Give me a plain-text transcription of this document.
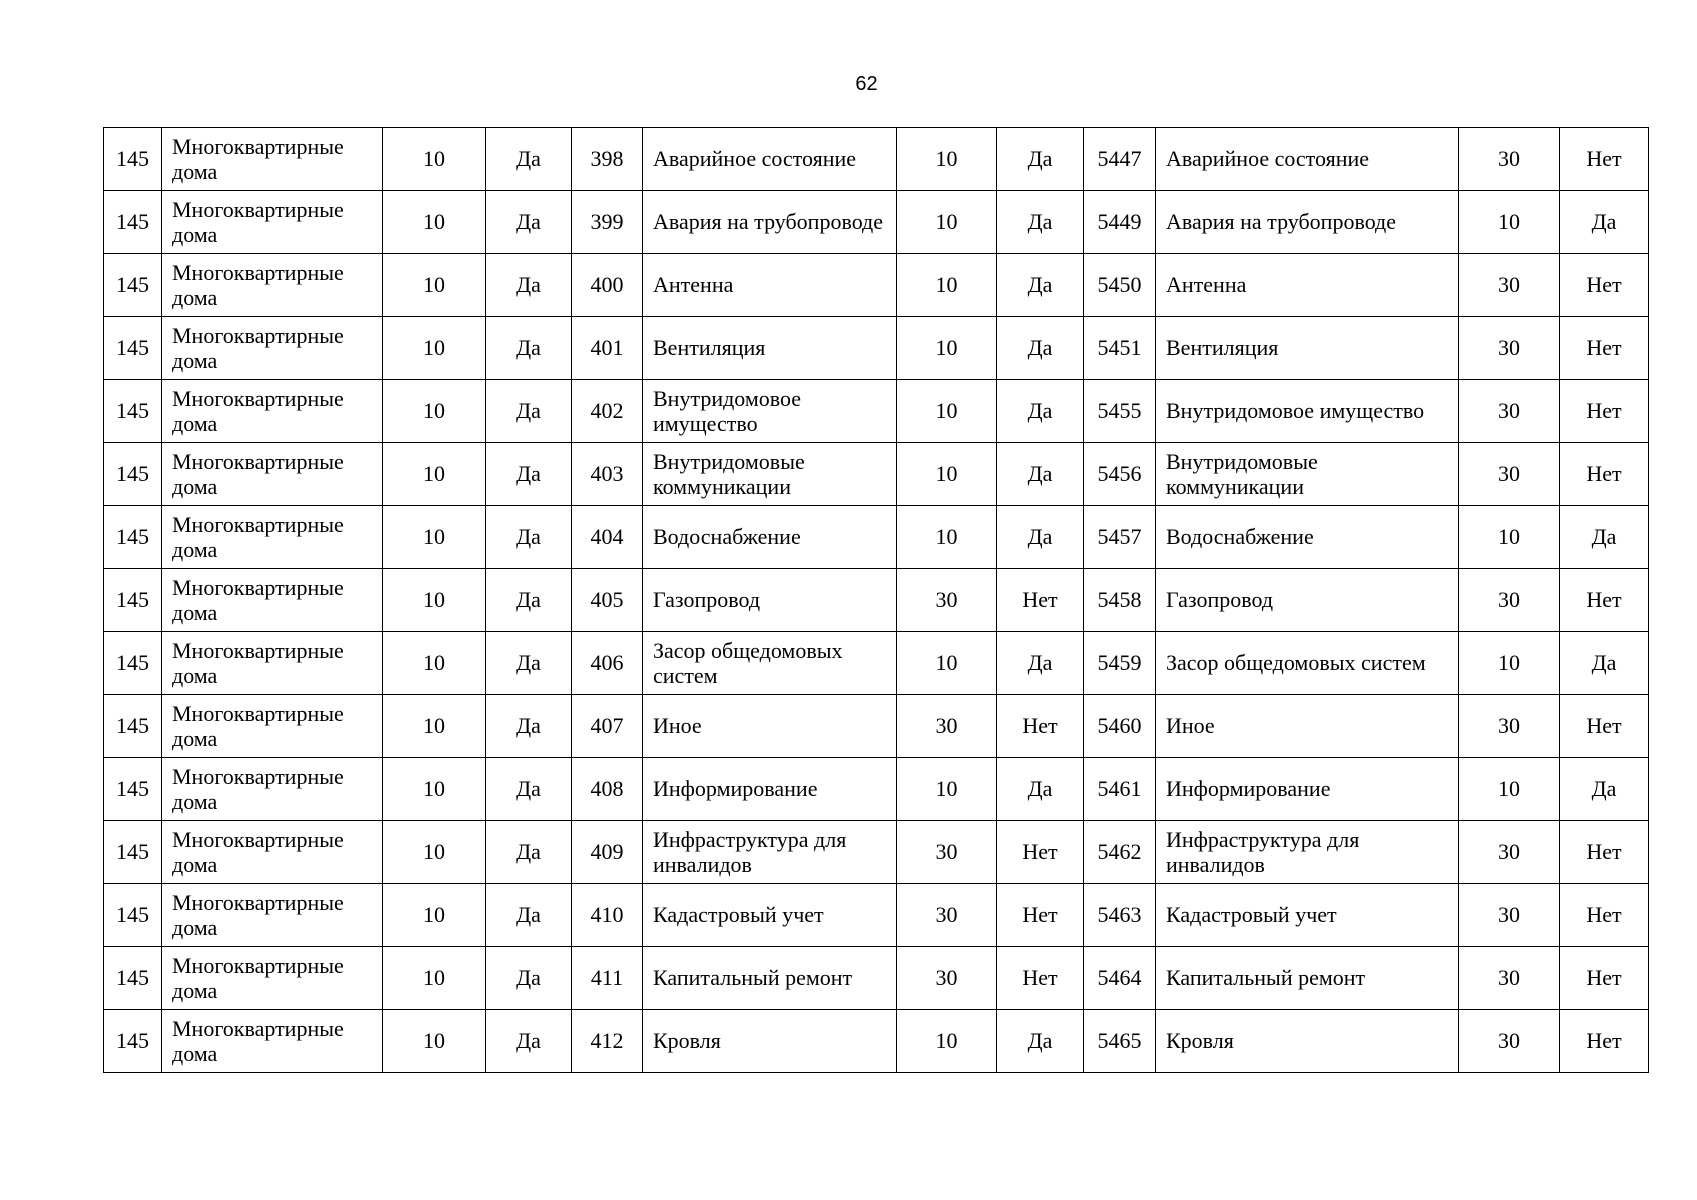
62
145	Многоквартирные дома	10	Да	398	Аварийное состояние	10	Да	5447	Аварийное состояние	30	Нет
145	Многоквартирные дома	10	Да	399	Авария на трубопроводе	10	Да	5449	Авария на трубопроводе	10	Да
145	Многоквартирные дома	10	Да	400	Антенна	10	Да	5450	Антенна	30	Нет
145	Многоквартирные дома	10	Да	401	Вентиляция	10	Да	5451	Вентиляция	30	Нет
145	Многоквартирные дома	10	Да	402	Внутридомовое имущество	10	Да	5455	Внутридомовое имущество	30	Нет
145	Многоквартирные дома	10	Да	403	Внутридомовые коммуникации	10	Да	5456	Внутридомовые коммуникации	30	Нет
145	Многоквартирные дома	10	Да	404	Водоснабжение	10	Да	5457	Водоснабжение	10	Да
145	Многоквартирные дома	10	Да	405	Газопровод	30	Нет	5458	Газопровод	30	Нет
145	Многоквартирные дома	10	Да	406	Засор общедомовых систем	10	Да	5459	Засор общедомовых систем	10	Да
145	Многоквартирные дома	10	Да	407	Иное	30	Нет	5460	Иное	30	Нет
145	Многоквартирные дома	10	Да	408	Информирование	10	Да	5461	Информирование	10	Да
145	Многоквартирные дома	10	Да	409	Инфраструктура для инвалидов	30	Нет	5462	Инфраструктура для инвалидов	30	Нет
145	Многоквартирные дома	10	Да	410	Кадастровый учет	30	Нет	5463	Кадастровый учет	30	Нет
145	Многоквартирные дома	10	Да	411	Капитальный ремонт	30	Нет	5464	Капитальный ремонт	30	Нет
145	Многоквартирные дома	10	Да	412	Кровля	10	Да	5465	Кровля	30	Нет
